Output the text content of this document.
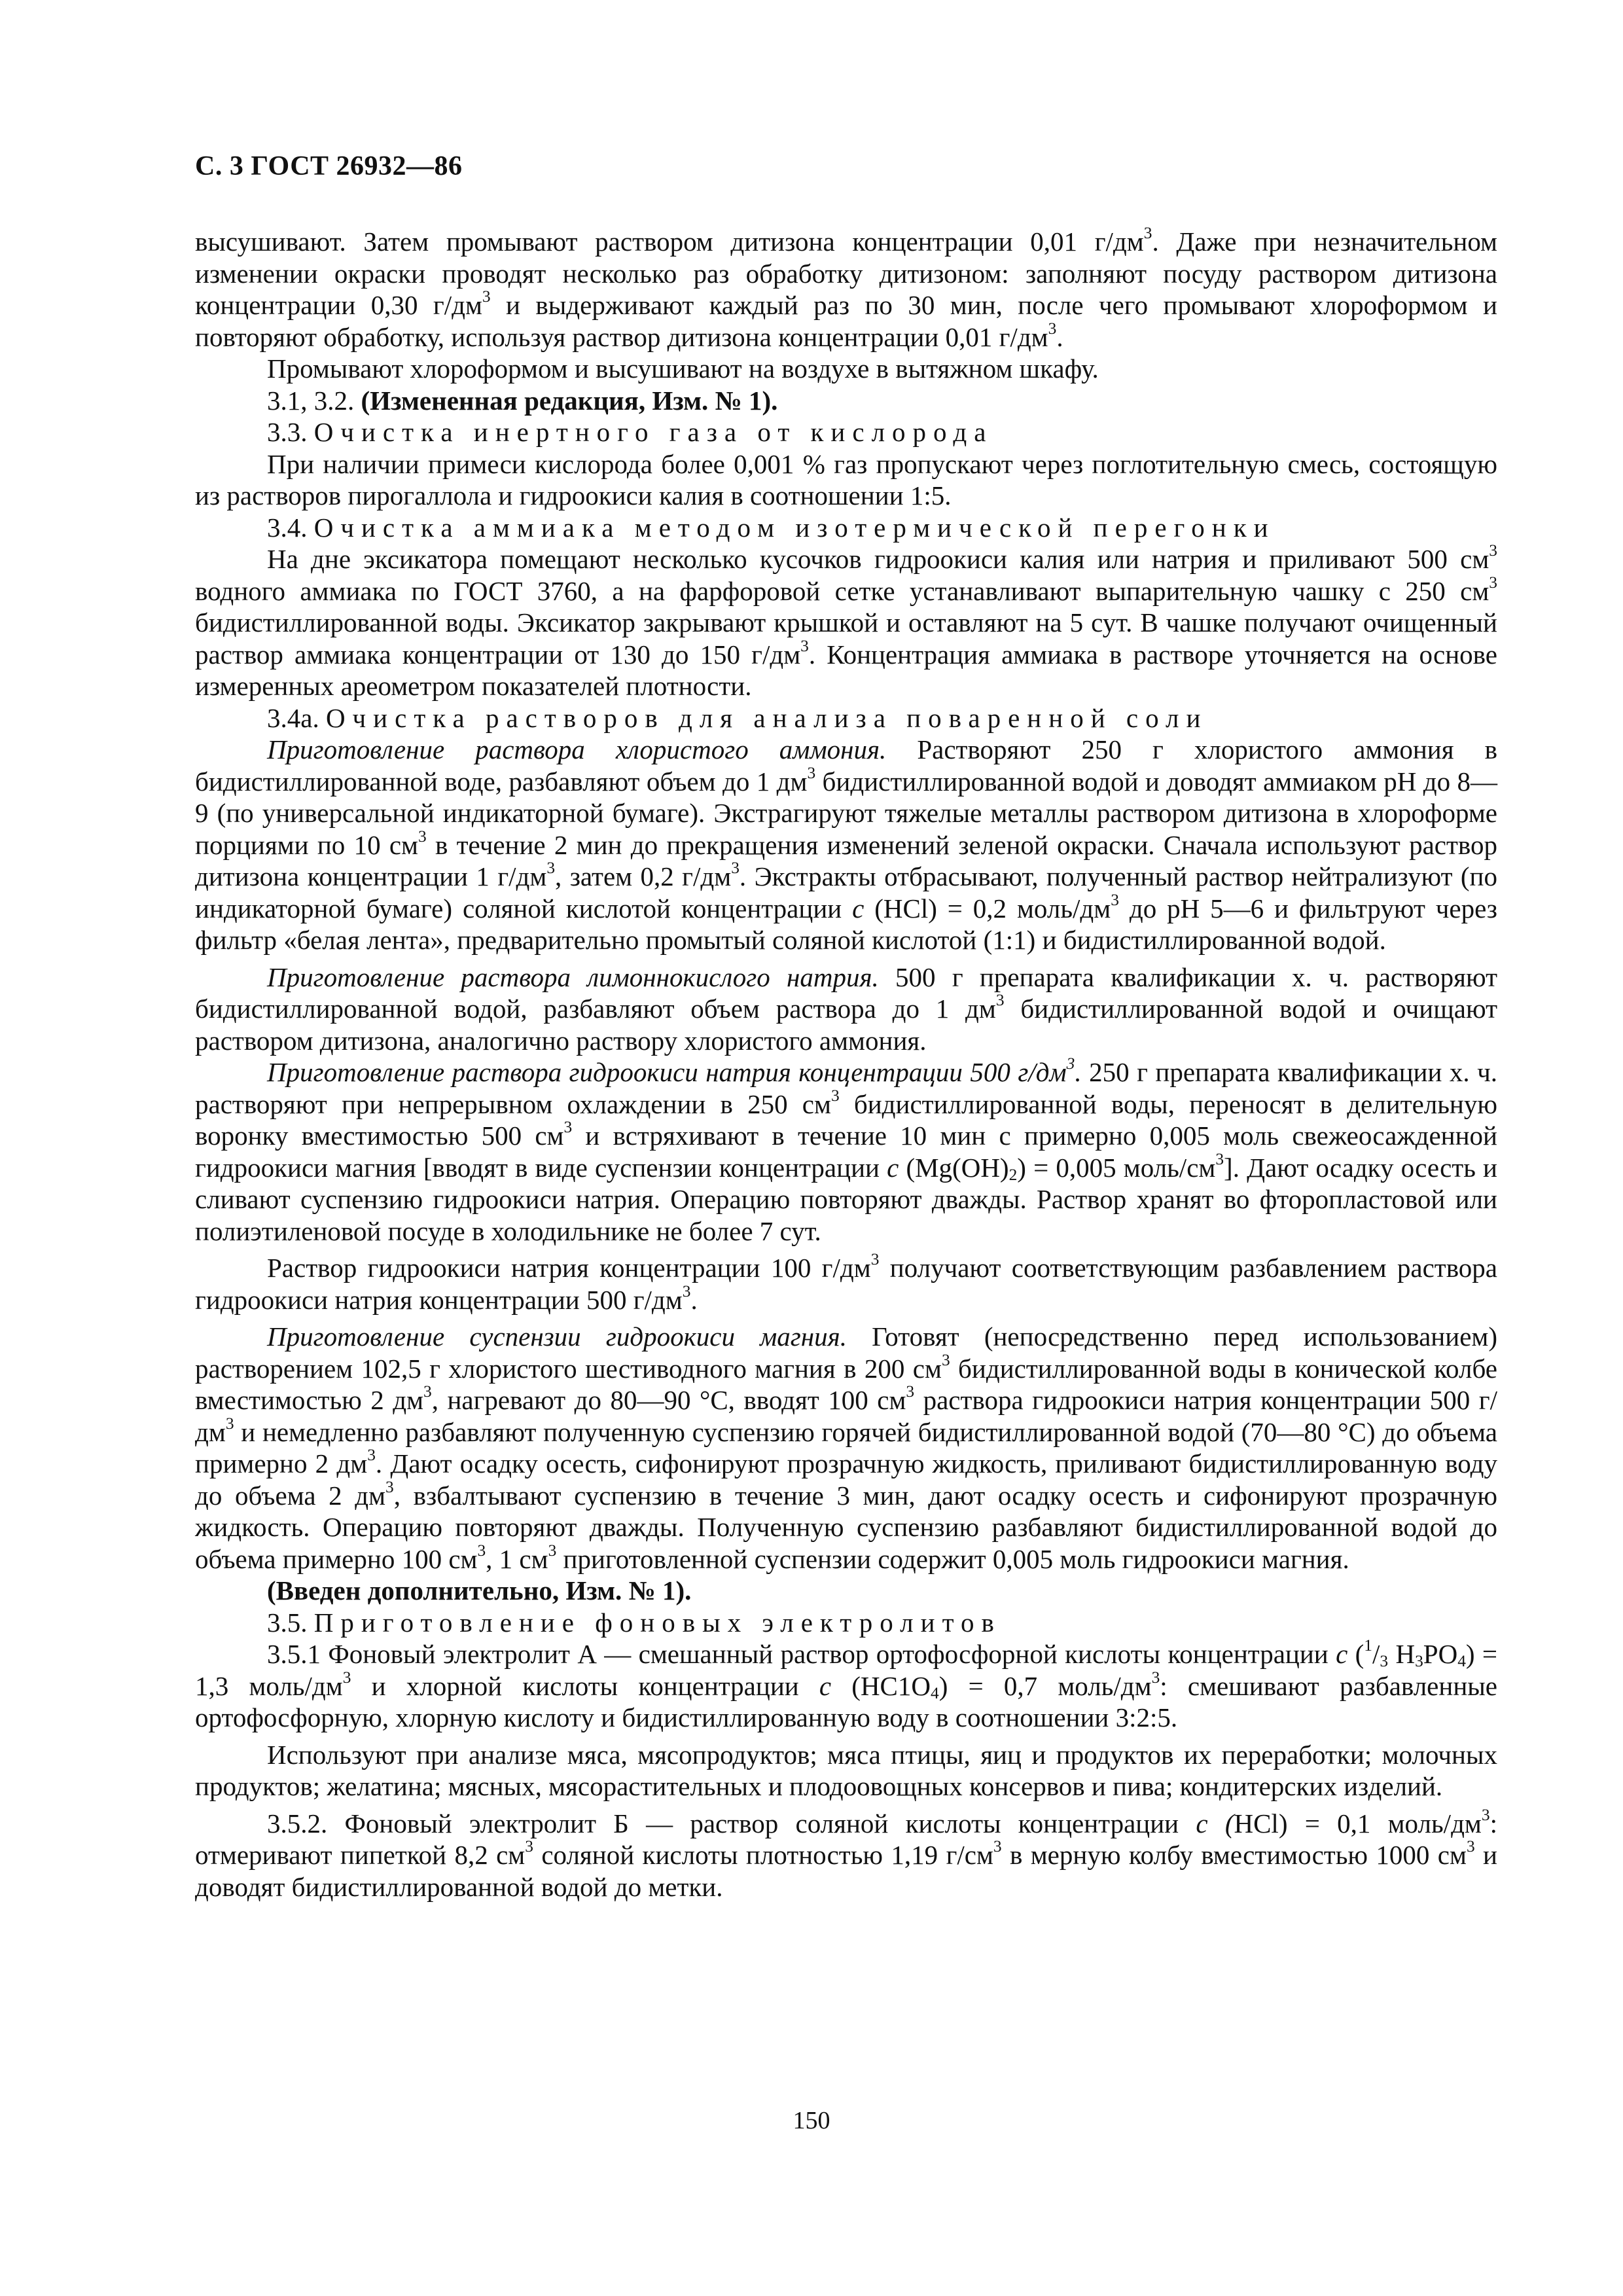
С. 3 ГОСТ 26932—86

высушивают. Затем промывают раствором дитизона концентрации 0,01 $г/дм^3$. Даже при незначительном изменении окраски проводят несколько раз обработку дитизоном: заполняют посуду раствором дитизона концентрации 0,30 $г/дм^3$ и выдерживают каждый раз по 30 мин, после чего промывают хлороформом и повторяют обработку, используя раствор дитизона концентрации 0,01 $г/дм^3$.

Промывают хлороформом и высушивают на воздухе в вытяжном шкафу.

3.1, 3.2. (Измененная редакция, Изм. № 1).

3.3. Очистка инертного газа от кислорода

При наличии примеси кислорода более 0,001 % газ пропускают через поглотительную смесь, состоящую из растворов пирогаллола и гидроокиси калия в соотношении 1:5.

3.4. Очистка аммиака методом изотермической перегонки

На дне эксикатора помещают несколько кусочков гидроокиси калия или натрия и приливают 500 $см^3$ водного аммиака по ГОСТ 3760, а на фарфоровой сетке устанавливают выпарительную чашку с 250 $см^3$ бидистиллированной воды. Эксикатор закрывают крышкой и оставляют на 5 сут. В чашке получают очищенный раствор аммиака концентрации от 130 до 150 $г/дм^3$. Концентрация аммиака в растворе уточняется на основе измеренных ареометром показателей плотности.

3.4а. Очистка растворов для анализа поваренной соли

Приготовление раствора хлористого аммония. Растворяют 250 г хлористого аммония в бидистиллированной воде, разбавляют объем до 1 $дм^3$ бидистиллированной водой и доводят аммиаком рН до 8—9 (по универсальной индикаторной бумаге). Экстрагируют тяжелые металлы раствором дитизона в хлороформе порциями по 10 $см^3$ в течение 2 мин до прекращения изменений зеленой окраски. Сначала используют раствор дитизона концентрации 1 $г/дм^3$, затем 0,2 $г/дм^3$. Экстракты отбрасывают, полученный раствор нейтрализуют (по индикаторной бумаге) соляной кислотой концентрации с (HCl) = 0,2 моль/$дм^3$ до рН 5—6 и фильтруют через фильтр «белая лента», предварительно промытый соляной кислотой (1:1) и бидистиллированной водой.

Приготовление раствора лимоннокислого натрия. 500 г препарата квалификации х. ч. растворяют бидистиллированной водой, разбавляют объем раствора до 1 $дм^3$ бидистиллированной водой и очищают раствором дитизона, аналогично раствору хлористого аммония.

Приготовление раствора гидроокиси натрия концентрации 500 $г/дм^3$. 250 г препарата квалификации х. ч. растворяют при непрерывном охлаждении в 250 $см^3$ бидистиллированной воды, переносят в делительную воронку вместимостью 500 $см^3$ и встряхивают в течение 10 мин с примерно 0,005 моль свежеосажденной гидроокиси магния [вводят в виде суспензии концентрации с $(Mg(OH)_2) = 0,005$ моль/$см^3$]. Дают осадку осесть и сливают суспензию гидроокиси натрия. Операцию повторяют дважды. Раствор хранят во фторопластовой или полиэтиленовой посуде в холодильнике не более 7 сут.

Раствор гидроокиси натрия концентрации 100 $г/дм^3$ получают соответствующим разбавлением раствора гидроокиси натрия концентрации 500 $г/дм^3$.

Приготовление суспензии гидроокиси магния. Готовят (непосредственно перед использованием) растворением 102,5 г хлористого шестиводного магния в 200 $см^3$ бидистиллированной воды в конической колбе вместимостью 2 $дм^3$, нагревают до 80—90 °С, вводят 100 $см^3$ раствора гидроокиси натрия концентрации 500 $г/дм^3$ и немедленно разбавляют полученную суспензию горячей бидистиллированной водой (70—80 °С) до объема примерно 2 $дм^3$. Дают осадку осесть, сифонируют прозрачную жидкость, приливают бидистиллированную воду до объема 2 $дм^3$, взбалтывают суспензию в течение 3 мин, дают осадку осесть и сифонируют прозрачную жидкость. Операцию повторяют дважды. Полученную суспензию разбавляют бидистиллированной водой до объема примерно 100 $см^3$, 1 $см^3$ приготовленной суспензии содержит 0,005 моль гидроокиси магния.

(Введен дополнительно, Изм. № 1).

3.5. Приготовление фоновых электролитов

3.5.1 Фоновый электролит А — смешанный раствор ортофосфорной кислоты концентрации с ($^1/_3$ $H_3PO_4) = 1,3$ моль/$дм^3$ и хлорной кислоты концентрации с $(HC1O_4) = 0,7$ моль/$дм^3$: смешивают разбавленные ортофосфорную, хлорную кислоту и бидистиллированную воду в соотношении 3:2:5.

Используют при анализе мяса, мясопродуктов; мяса птицы, яиц и продуктов их переработки; молочных продуктов; желатина; мясных, мясорастительных и плодоовощных консервов и пива; кондитерских изделий.

3.5.2. Фоновый электролит Б — раствор соляной кислоты концентрации с (HCl) = 0,1 моль/$дм^3$: отмеривают пипеткой 8,2 $см^3$ соляной кислоты плотностью 1,19 $г/см^3$ в мерную колбу вместимостью 1000 $см^3$ и доводят бидистиллированной водой до метки.

150
